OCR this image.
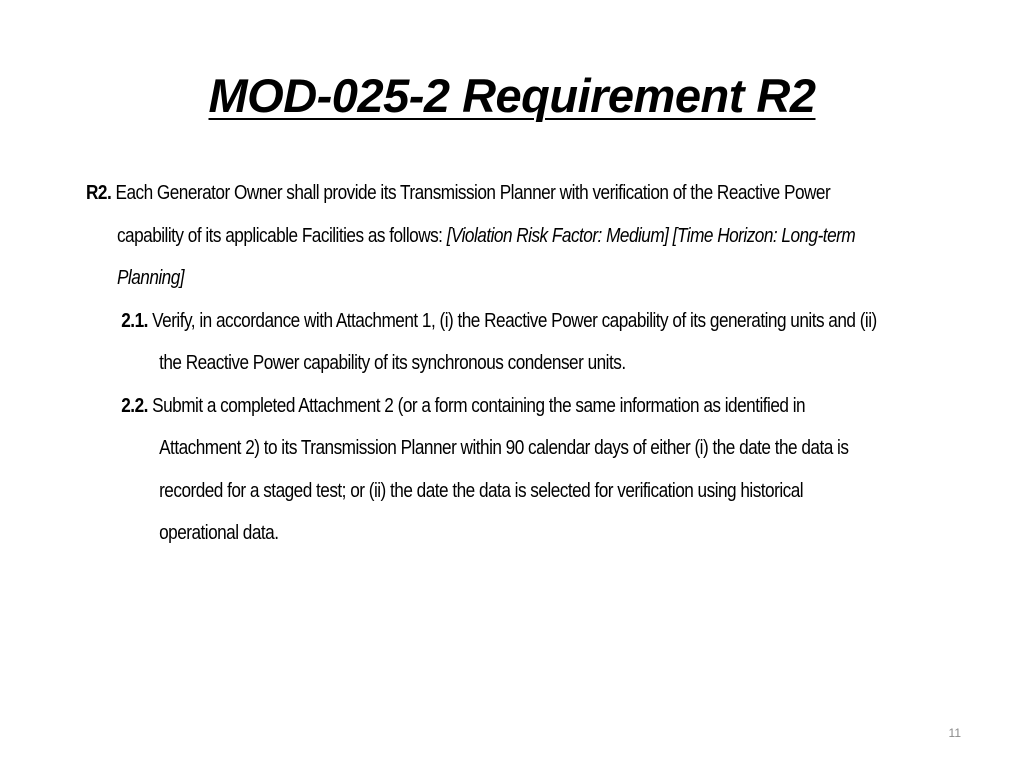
MOD-025-2 Requirement R2
R2. Each Generator Owner shall provide its Transmission Planner with verification of the Reactive Power capability of its applicable Facilities as follows: [Violation Risk Factor: Medium] [Time Horizon: Long-term Planning]
2.1. Verify, in accordance with Attachment 1, (i) the Reactive Power capability of its generating units and (ii) the Reactive Power capability of its synchronous condenser units.
2.2. Submit a completed Attachment 2 (or a form containing the same information as identified in Attachment 2) to its Transmission Planner within 90 calendar days of either (i) the date the data is recorded for a staged test; or (ii) the date the data is selected for verification using historical operational data.
11
